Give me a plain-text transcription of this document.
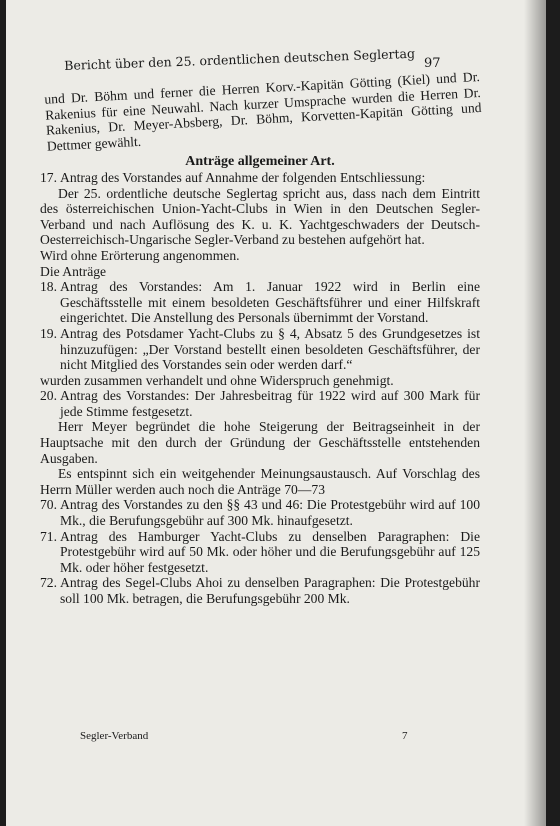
Bericht über den 25. ordentlichen deutschen Seglertag 97

und Dr. Böhm und ferner die Herren Korv.-Kapitän Götting (Kiel) und Dr. Rakenius für eine Neuwahl. Nach kurzer Umsprache wurden die Herren Dr. Rakenius, Dr. Meyer-Absberg, Dr. Böhm, Korvetten-Kapitän Götting und Dettmer gewählt.

Anträge allgemeiner Art.

17. Antrag des Vorstandes auf Annahme der folgenden Entschliessung:

Der 25. ordentliche deutsche Seglertag spricht aus, dass nach dem Eintritt des österreichischen Union-Yacht-Clubs in Wien in den Deutschen Segler-Verband und nach Auflösung des K. u. K. Yachtgeschwaders der Deutsch-Oesterreichisch-Ungarische Segler-Verband zu bestehen aufgehört hat.

Wird ohne Erörterung angenommen.

Die Anträge

18. Antrag des Vorstandes: Am 1. Januar 1922 wird in Berlin eine Geschäftsstelle mit einem besoldeten Geschäftsführer und einer Hilfskraft eingerichtet. Die Anstellung des Personals übernimmt der Vorstand.

19. Antrag des Potsdamer Yacht-Clubs zu § 4, Absatz 5 des Grundgesetzes ist hinzuzufügen: „Der Vorstand bestellt einen besoldeten Geschäftsführer, der nicht Mitglied des Vorstandes sein oder werden darf.“

wurden zusammen verhandelt und ohne Widerspruch genehmigt.

20. Antrag des Vorstandes: Der Jahresbeitrag für 1922 wird auf 300 Mark für jede Stimme festgesetzt.

Herr Meyer begründet die hohe Steigerung der Beitragseinheit in der Hauptsache mit den durch der Gründung der Geschäftsstelle entstehenden Ausgaben.

Es entspinnt sich ein weitgehender Meinungsaustausch. Auf Vorschlag des Herrn Müller werden auch noch die Anträge 70—73

70. Antrag des Vorstandes zu den §§ 43 und 46: Die Protestgebühr wird auf 100 Mk., die Berufungsgebühr auf 300 Mk. hinaufgesetzt.

71. Antrag des Hamburger Yacht-Clubs zu denselben Paragraphen: Die Protestgebühr wird auf 50 Mk. oder höher und die Berufungsgebühr auf 125 Mk. oder höher festgesetzt.

72. Antrag des Segel-Clubs Ahoi zu denselben Paragraphen: Die Protestgebühr soll 100 Mk. betragen, die Berufungsgebühr 200 Mk.

Segler-Verband	7
